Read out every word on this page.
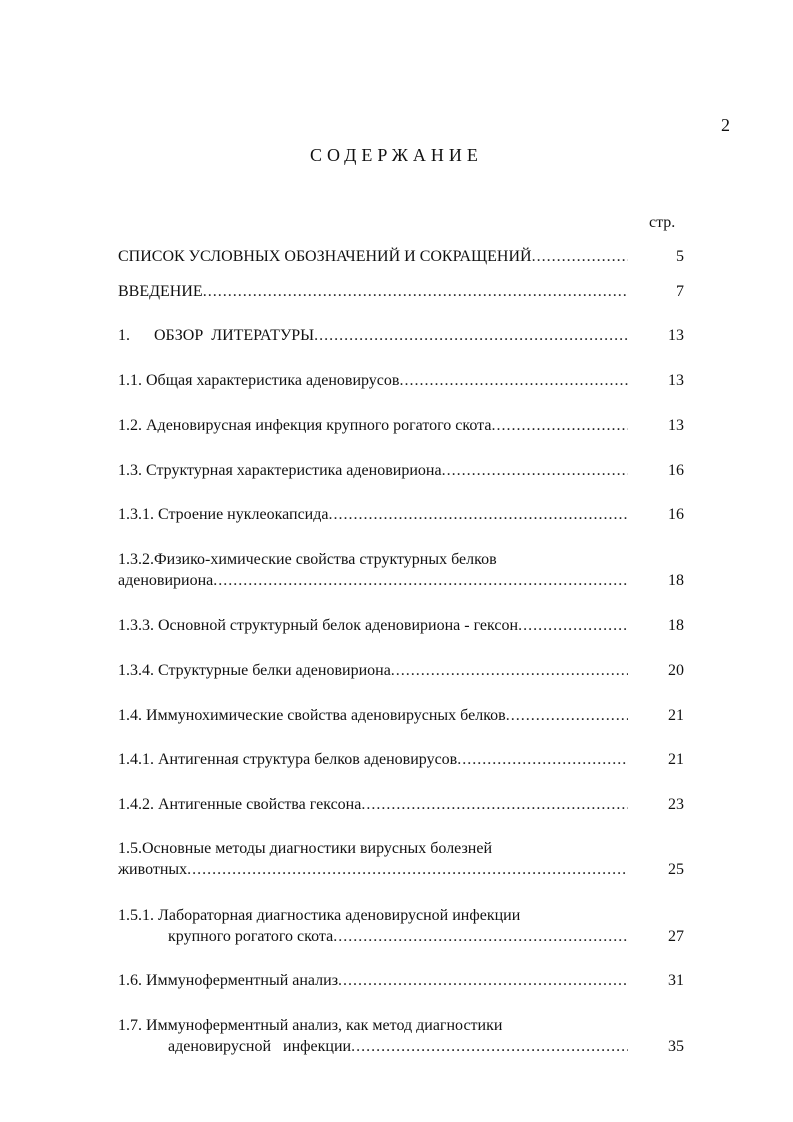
2
СОДЕРЖАНИЕ
стр.
СПИСОК УСЛОВНЫХ ОБОЗНАЧЕНИЙ И СОКРАЩЕНИЙ .....	5
ВВЕДЕНИЕ .....	7
1.      ОБЗОР  ЛИТЕРАТУРЫ .....	13
1.1. Общая характеристика аденовирусов .....	13
1.2. Аденовирусная инфекция крупного рогатого скота .....	13
1.3. Структурная характеристика аденовириона .....	16
1.3.1. Строение нуклеокапсида .....	16
1.3.2.Физико-химические свойства структурных белков
аденовириона .....	18
1.3.3. Основной структурный белок аденовириона - гексон .....	18
1.3.4. Структурные белки аденовириона .....	20
1.4. Иммунохимические свойства аденовирусных белков .....	21
1.4.1. Антигенная структура белков аденовирусов .....	21
1.4.2. Антигенные свойства гексона .....	23
1.5.Основные методы диагностики вирусных болезней
животных .....	25
1.5.1. Лабораторная диагностика аденовирусной инфекции
крупного рогатого скота .....	27
1.6. Иммуноферментный анализ .....	31
1.7. Иммуноферментный анализ, как метод диагностики
аденовирусной   инфекции .....	35
